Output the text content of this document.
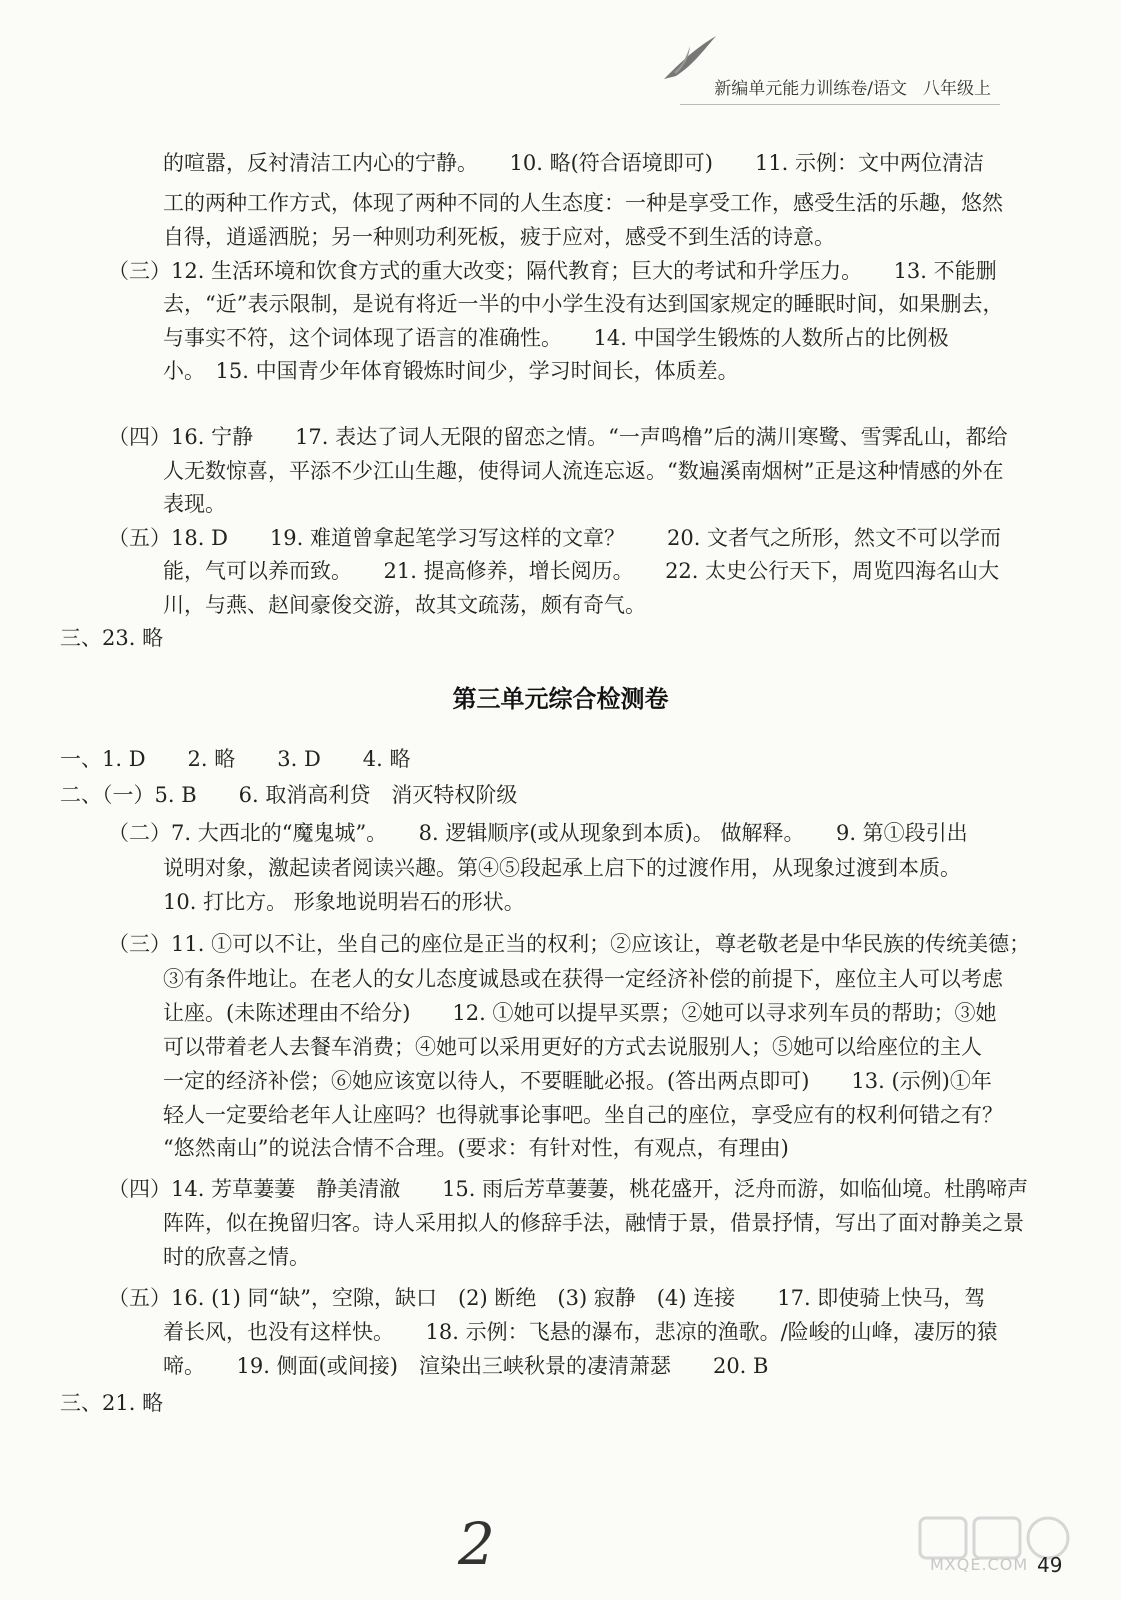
新编单元能力训练卷/语文 八年级上
的喧嚣，反衬清洁工内心的宁静。　　10. 略(符合语境即可)　　11. 示例：文中两位清洁
工的两种工作方式，体现了两种不同的人生态度：一种是享受工作，感受生活的乐趣，悠然
自得，逍遥洒脱；另一种则功利死板，疲于应对，感受不到生活的诗意。
（三）12. 生活环境和饮食方式的重大改变；隔代教育；巨大的考试和升学压力。　　13. 不能删
去，“近”表示限制，是说有将近一半的中小学生没有达到国家规定的睡眠时间，如果删去，
与事实不符，这个词体现了语言的准确性。　　14. 中国学生锻炼的人数所占的比例极
小。　15. 中国青少年体育锻炼时间少，学习时间长，体质差。
（四）16. 宁静　　17. 表达了词人无限的留恋之情。“一声鸣橹”后的满川寒鹭、雪霁乱山，都给
人无数惊喜，平添不少江山生趣，使得词人流连忘返。“数遍溪南烟树”正是这种情感的外在
表现。
（五）18. D　　19. 难道曾拿起笔学习写这样的文章？　　20. 文者气之所形，然文不可以学而
能，气可以养而致。　　21. 提高修养，增长阅历。　　22. 太史公行天下，周览四海名山大
川，与燕、赵间豪俊交游，故其文疏荡，颇有奇气。
三、23. 略
第三单元综合检测卷
一、1. D　　2. 略　　3. D　　4. 略
二、（一）5. B　　6. 取消高利贷　消灭特权阶级
（二）7. 大西北的“魔鬼城”。　　8. 逻辑顺序(或从现象到本质)。 做解释。　　9. 第①段引出
说明对象，激起读者阅读兴趣。第④⑤段起承上启下的过渡作用，从现象过渡到本质。
10. 打比方。 形象地说明岩石的形状。
（三）11. ①可以不让，坐自己的座位是正当的权利；②应该让，尊老敬老是中华民族的传统美德；
③有条件地让。在老人的女儿态度诚恳或在获得一定经济补偿的前提下，座位主人可以考虑
让座。(未陈述理由不给分)　　12. ①她可以提早买票；②她可以寻求列车员的帮助；③她
可以带着老人去餐车消费；④她可以采用更好的方式去说服别人；⑤她可以给座位的主人
一定的经济补偿；⑥她应该宽以待人，不要睚眦必报。(答出两点即可)　　13. (示例)①年
轻人一定要给老年人让座吗？也得就事论事吧。坐自己的座位，享受应有的权利何错之有？
“悠然南山”的说法合情不合理。(要求：有针对性，有观点，有理由)
（四）14. 芳草萋萋　静美清澈　　15. 雨后芳草萋萋，桃花盛开，泛舟而游，如临仙境。杜鹃啼声
阵阵，似在挽留归客。诗人采用拟人的修辞手法，融情于景，借景抒情，写出了面对静美之景
时的欣喜之情。
（五）16. (1) 同“缺”，空隙，缺口　(2) 断绝　(3) 寂静　(4) 连接　　17. 即使骑上快马，驾
着长风，也没有这样快。　　18. 示例：飞悬的瀑布，悲凉的渔歌。/险峻的山峰，凄厉的猿
啼。　　19. 侧面(或间接)　渲染出三峡秋景的凄清萧瑟　　20. B
三、21. 略
2	MXQE.COM 49
